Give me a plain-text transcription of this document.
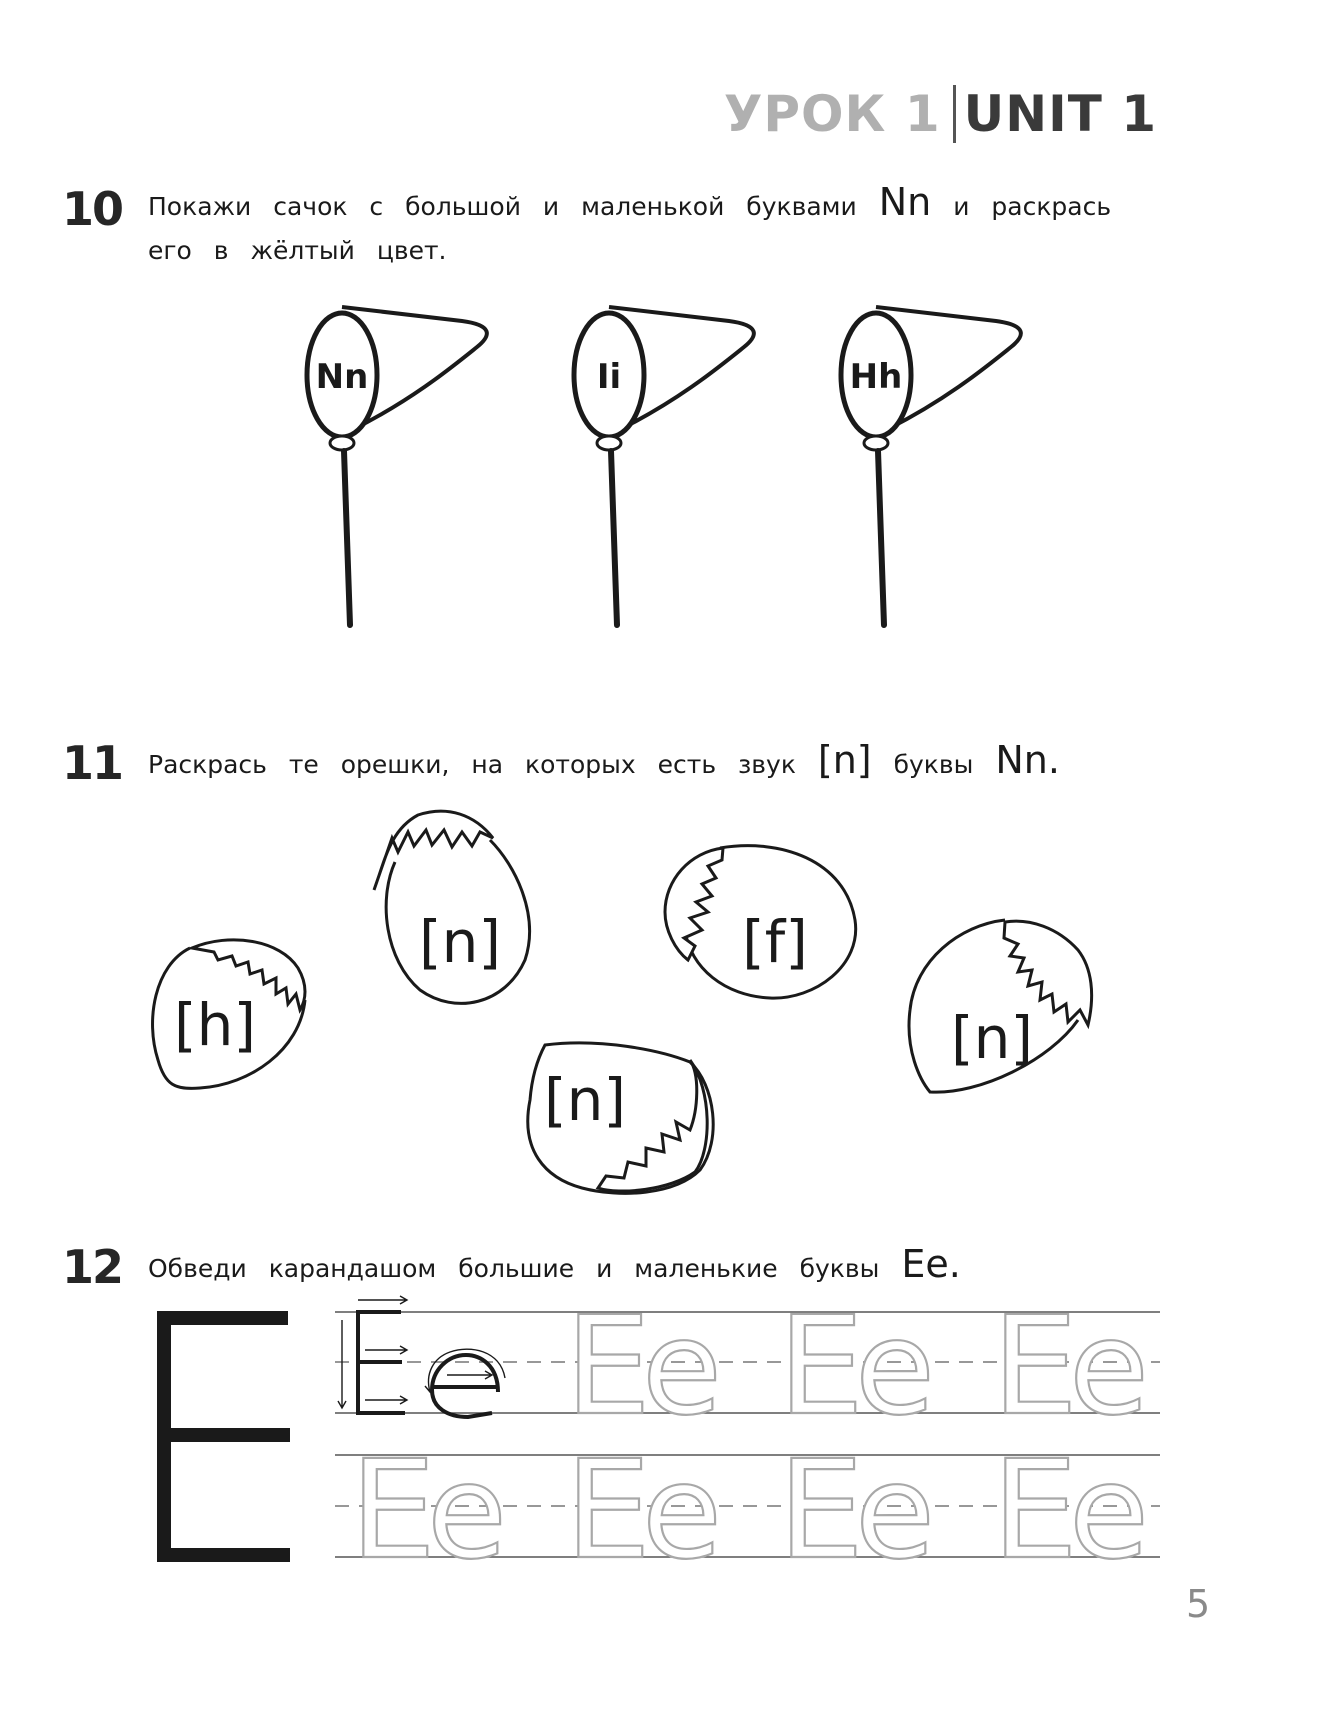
УРОК 1 UNIT 1
10 Покажи сачок с большой и маленькой буквами Nn и раскрась
его в жёлтый цвет.
11 Раскрась те орешки, на которых есть звук [n] буквы Nn.
12 Обведи карандашом большие и маленькие буквы Ee.
Nn	Ii	Hh
[n]	[f]
[h]	[n]
[n]
E
e E
e E
e
E
e E
e E
e E
e
5
